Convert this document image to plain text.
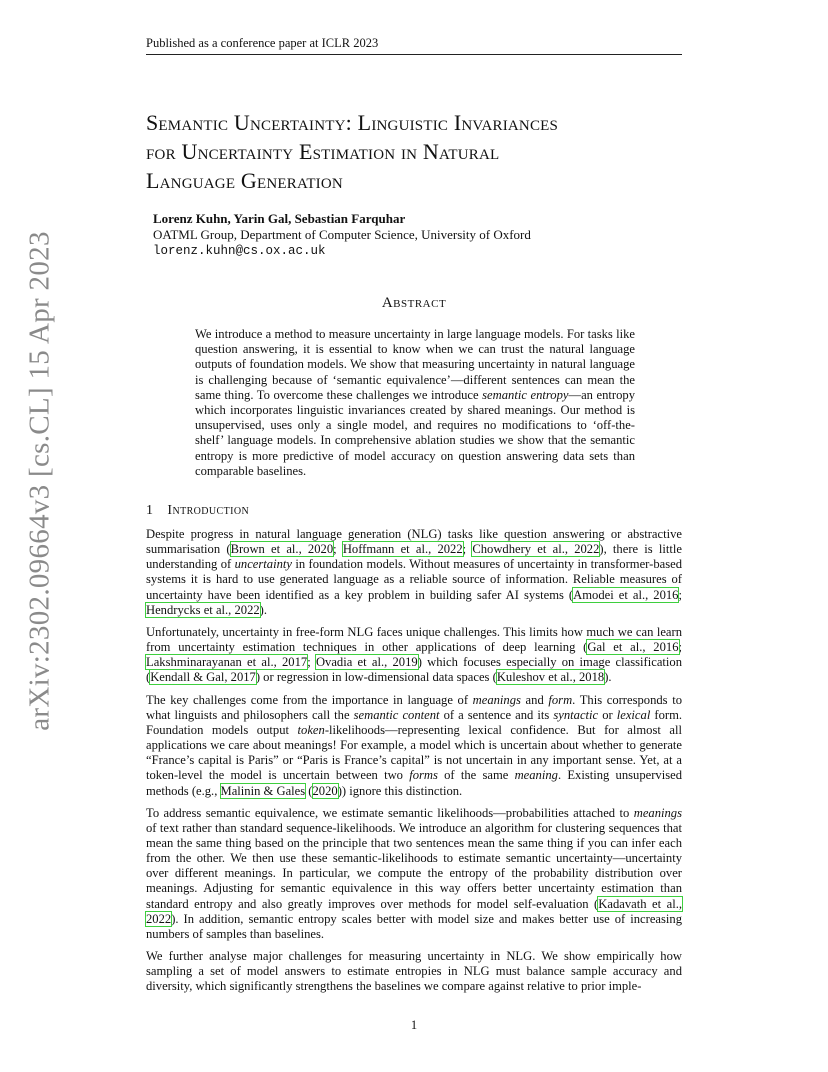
Published as a conference paper at ICLR 2023
arXiv:2302.09664v3 [cs.CL] 15 Apr 2023
Semantic Uncertainty: Linguistic Invariances
for Uncertainty Estimation in Natural
Language Generation
Lorenz Kuhn, Yarin Gal, Sebastian Farquhar
OATML Group, Department of Computer Science, University of Oxford
lorenz.kuhn@cs.ox.ac.uk
Abstract

We introduce a method to measure uncertainty in large language models. For tasks like question answering, it is essential to know when we can trust the natural language outputs of foundation models. We show that measuring uncertainty in natural language is challenging because of ‘semantic equivalence’—different sentences can mean the same thing. To overcome these challenges we introduce semantic entropy—an entropy which incorporates linguistic invariances created by shared meanings. Our method is unsupervised, uses only a single model, and requires no modifications to ‘off-the-shelf’ language models. In comprehensive ablation studies we show that the semantic entropy is more predictive of model accuracy on question answering data sets than comparable baselines.

1 Introduction

Despite progress in natural language generation (NLG) tasks like question answering or abstractive summarisation (Brown et al., 2020; Hoffmann et al., 2022; Chowdhery et al., 2022), there is little understanding of uncertainty in foundation models. Without measures of uncertainty in transformer-based systems it is hard to use generated language as a reliable source of information. Reliable measures of uncertainty have been identified as a key problem in building safer AI systems (Amodei et al., 2016; Hendrycks et al., 2022).

Unfortunately, uncertainty in free-form NLG faces unique challenges. This limits how much we can learn from uncertainty estimation techniques in other applications of deep learning (Gal et al., 2016; Lakshminarayanan et al., 2017; Ovadia et al., 2019) which focuses especially on image classification (Kendall & Gal, 2017) or regression in low-dimensional data spaces (Kuleshov et al., 2018).

The key challenges come from the importance in language of meanings and form. This corresponds to what linguists and philosophers call the semantic content of a sentence and its syntactic or lexical form. Foundation models output token-likelihoods—representing lexical confidence. But for almost all applications we care about meanings! For example, a model which is uncertain about whether to generate “France’s capital is Paris” or “Paris is France’s capital” is not uncertain in any important sense. Yet, at a token-level the model is uncertain between two forms of the same meaning. Existing unsupervised methods (e.g., Malinin & Gales (2020)) ignore this distinction.

To address semantic equivalence, we estimate semantic likelihoods—probabilities attached to meanings of text rather than standard sequence-likelihoods. We introduce an algorithm for clustering sequences that mean the same thing based on the principle that two sentences mean the same thing if you can infer each from the other. We then use these semantic-likelihoods to estimate semantic uncertainty—uncertainty over different meanings. In particular, we compute the entropy of the probability distribution over meanings. Adjusting for semantic equivalence in this way offers better uncertainty estimation than standard entropy and also greatly improves over methods for model self-evaluation (Kadavath et al., 2022). In addition, semantic entropy scales better with model size and makes better use of increasing numbers of samples than baselines.

We further analyse major challenges for measuring uncertainty in NLG. We show empirically how sampling a set of model answers to estimate entropies in NLG must balance sample accuracy and diversity, which significantly strengthens the baselines we compare against relative to prior imple-

1
